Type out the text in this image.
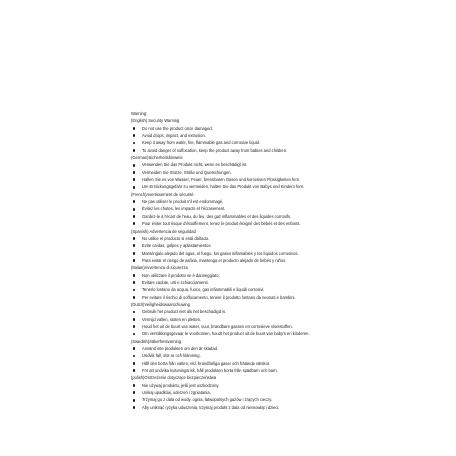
Warning:
(English) Security Warning
Do not use the product once damaged.
Avoid drops, impact, and extrusion.
Keep it away from water, fire, flammable gas and corrosive liquid.
To avoid danger of suffocation, keep the product away from babies and children.
(German)Sicherheitshinweis
Verwenden Sie das Produkt nicht, wenn es beschädigt ist.
Vermeiden Sie Stürze, Stöße und Quetschungen.
Halten Sie es von Wasser, Feuer, brennbaren Gasen und korrosiven Flüssigkeiten fern.
Um Erstickungsgefahr zu vermeiden, halten Sie das Produkt von Babys und Kindern fern.
(French)Avertissement de sécurité
Ne pas utiliser le produit s'il est endommagé.
Évitez les chutes, les impacts et l'écrasement.
Gardez-le à l'écart de l'eau, du feu, des gaz inflammables et des liquides corrosifs.
Pour éviter tout risque d'étouffement, tenez le produit éloigné des bébés et des enfants.
(Spanish) Advertencia de seguridad
No utilice el producto si está dañado.
Evite caídas, golpes y aplastamientos.
Manténgalo alejado del agua, el fuego, los gases inflamables y los líquidos corrosivos.
Para evitar el riesgo de asfixia, mantenga el producto alejado de bebés y niños.
(Italian)Avvertenza di sicurezza
Non utilizzare il prodotto se è danneggiato.
Evitare cadute, urti e schiacciamenti.
Tenerlo lontano da acqua, fuoco, gas infiammabili e liquidi corrosivi.
Per evitare il rischio di soffocamento, tenere il prodotto lontano da neonati e bambini.
(Dutch)Veiligheidswaarschuwing
Gebruik het product niet als het beschadigd is.
Vermijd vallen, stoten en pletten.
Houd het uit de buurt van water, vuur, brandbare gassen en corrosieve vloeistoffen.
Om verstikkingsgevaar te voorkomen, houdt het product uit de buurt van baby's en kinderen.
(Swedish)Säkerhetsvarning
Använd inte produkten om den är skadad.
Undvik fall, slöt ar och klämning.
Håll den borta från vatten, eld, brandfarliga gaser och frätande vätskor.
För att undvika kvävningsrisk, håll produkten borta från spädbarn och barn.
(polish)Ostrzeżenie dotyczące bezpieczeństwa
Nie używaj produktu, jeśli jest uszkodzony.
Unikaj upadków, uderzeń i zgniatania.
Trzymaj go z dala od wody, ognia, łatwopalnych gazów i żrących cieczy.
Aby uniknąć ryzyka uduszenia, trzymaj produkt z dala od niemowląt i dzieci.
